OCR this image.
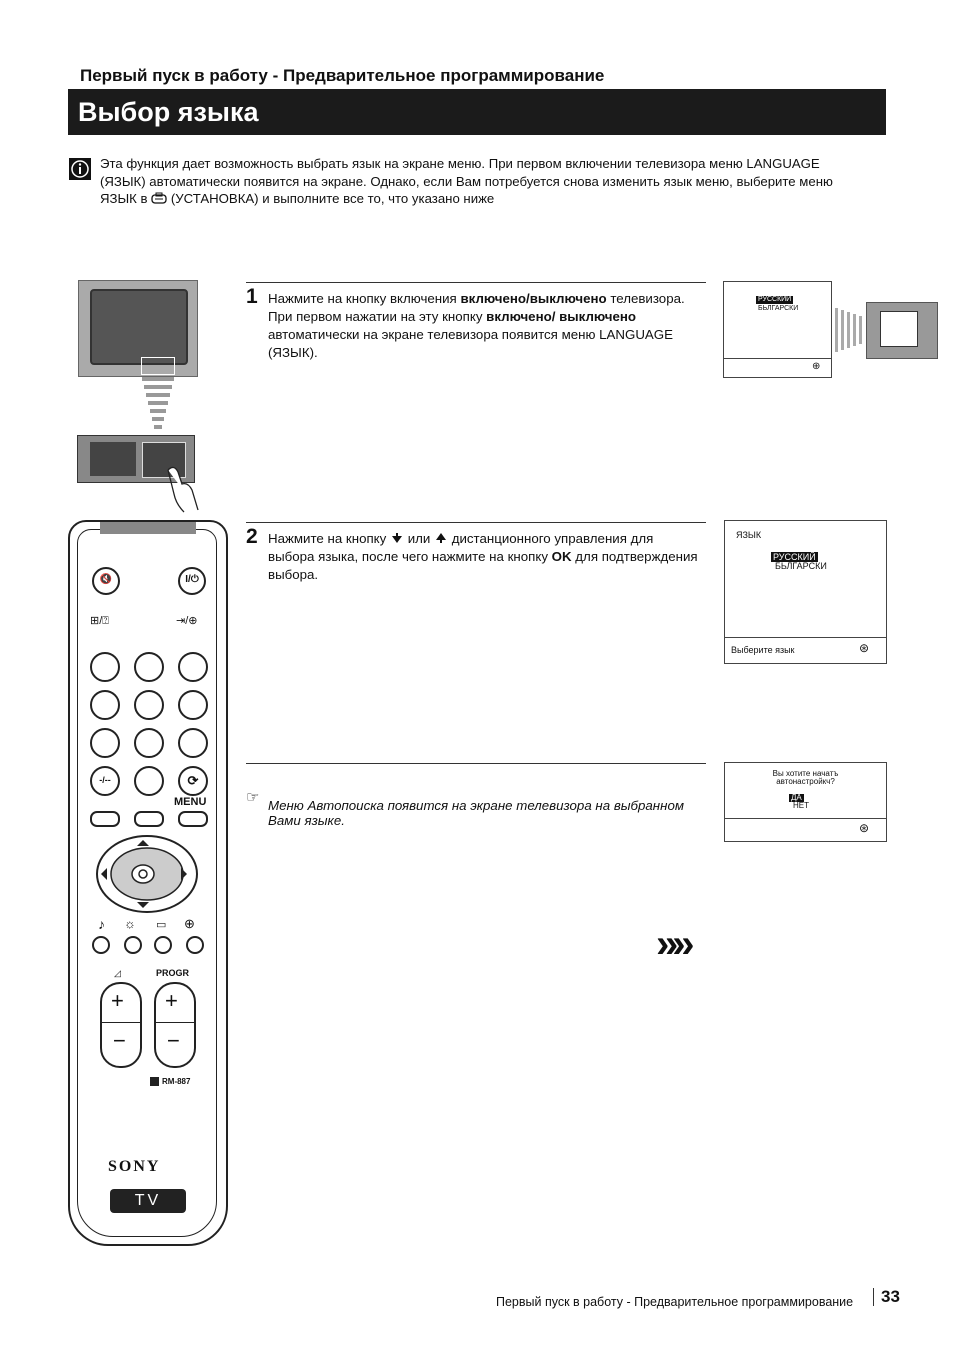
Первый пуск в работу - Предварительное программирование
Выбор языка
Эта функция дает возможность выбрать язык на экране меню. При первом включении телевизора меню LANGUAGE (ЯЗЫК) автоматически появится на экране. Однако, если Вам потребуется снова изменить язык меню, выберите меню ЯЗЫК в (УСТАНОВКА) и выполните все то, что указано ниже
1 Нажмите на кнопку включения включено/выключено телевизора. При первом нажатии на эту кнопку включено/ выключено автоматически на экране телевизора появится меню LANGUAGE (ЯЗЫК).
РУССКИЙ
БЬЛГАРСКИ
⊕
🔇	I/⏻
⊞/⍰	⇥/⊕
-/--	⟳
MENU
♪ ☼ ▭ ⊕
◿	PROGR
+
−
+
−
RM-887
SONY
TV
2 Нажмите на кнопку  или  дистанционного управления для выбора языка, после чего нажмите на кнопку OK для подтверждения выбора.
ЯЗЫК
РУССКИЙ
БЬЛГАРСКИ
Выберите язык	⊛
☞ Меню Автопоиска появится на экране телевизора на выбранном Вами языке.
Вы хотите начатъ
автонастройкч?
ДА
НЕТ
⊛
»»
Первый пуск в работу - Предварительное программирование 33
